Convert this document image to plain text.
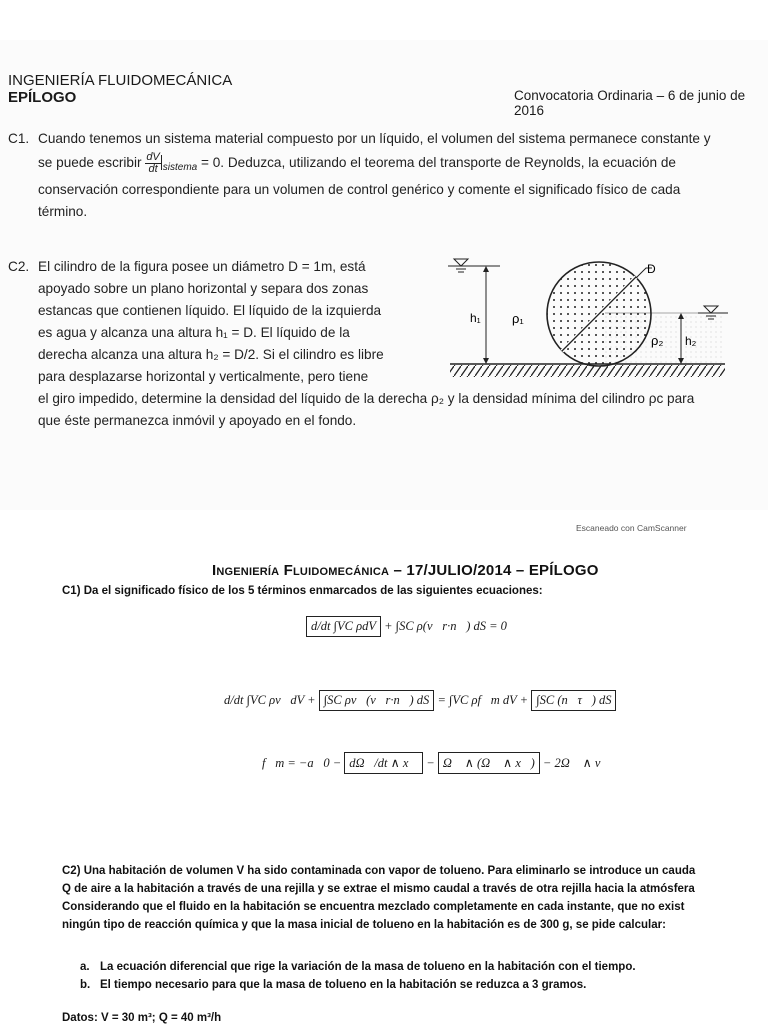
INGENIERÍA FLUIDOMECÁNICA
EPÍLOGO	Convocatoria Ordinaria – 6 de junio de 2016
C1. Cuando tenemos un sistema material compuesto por un líquido, el volumen del sistema permanece constante y
se puede escribir $\frac{dV}{dt} _{sistema} = 0$. Deduzca, utilizando el teorema del transporte de Reynolds, la ecuación de
conservación correspondiente para un volumen de control genérico y comente el significado físico de cada
término.
C2. El cilindro de la figura posee un diámetro D = 1m, está
apoyado sobre un plano horizontal y separa dos zonas
estancas que contienen líquido. El líquido de la izquierda
es agua y alcanza una altura h₁ = D. El líquido de la
derecha alcanza una altura h₂ = D/2. Si el cilindro es libre
para desplazarse horizontal y verticalmente, pero tiene
el giro impedido, determine la densidad del líquido de la derecha ρ₂ y la densidad mínima del cilindro ρc para
que éste permanezca inmóvil y apoyado en el fondo.
D
h₁ ρ₁
ρ₂ h₂
Escaneado con CamScanner
Ingeniería Fluidomecánica – 17/JULIO/2014 – EPÍLOGO
C1) Da el significado físico de los 5 términos enmarcados de las siguientes ecuaciones:
d/dt ∫VC ρdV + ∫SC ρ(v⃗r·n⃗) dS = 0
d/dt ∫VC ρv⃗dV + ∫SC ρv⃗(v⃗r·n⃗) dS = ∫VC ρf⃗m dV + ∫SC (n⃗τ⃗) dS
f⃗m = −a⃗0 − dΩ⃗/dt ∧ x⃗ − Ω⃗ ∧ (Ω⃗ ∧ x⃗) − 2Ω⃗ ∧ v⃗
C2) Una habitación de volumen V ha sido contaminada con vapor de tolueno. Para eliminarlo se introduce un cauda
Q de aire a la habitación a través de una rejilla y se extrae el mismo caudal a través de otra rejilla hacia la atmósfera
Considerando que el fluido en la habitación se encuentra mezclado completamente en cada instante, que no exist
ningún tipo de reacción química y que la masa inicial de tolueno en la habitación es de 300 g, se pide calcular:
a. La ecuación diferencial que rige la variación de la masa de tolueno en la habitación con el tiempo.
b. El tiempo necesario para que la masa de tolueno en la habitación se reduzca a 3 gramos.
Datos: V = 30 m³; Q = 40 m³/h
